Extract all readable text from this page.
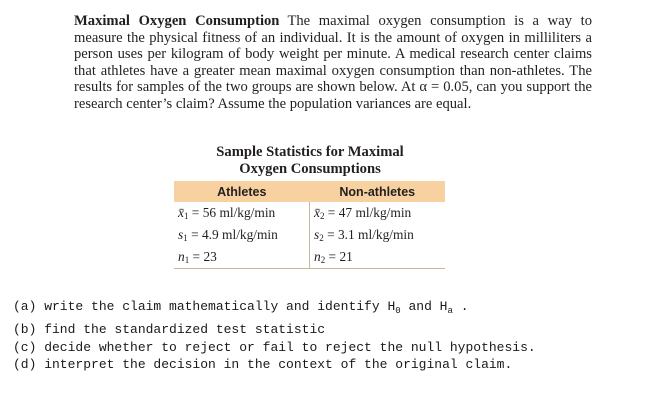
Maximal Oxygen Consumption The maximal oxygen consumption is a way to measure the physical fitness of an individual. It is the amount of oxygen in milliliters a person uses per kilogram of body weight per minute. A medical research center claims that athletes have a greater mean maximal oxygen consumption than non-athletes. The results for samples of the two groups are shown below. At α = 0.05, can you support the research center’s claim? Assume the population variances are equal.
Sample Statistics for Maximal
Oxygen Consumptions
Athletes	Non-athletes
$x̄_1 = 56$ ml/kg/min	$x̄_2 = 47$ ml/kg/min
$s_1 = 4.9$ ml/kg/min	$s_2 = 3.1$ ml/kg/min
$n_1 = 23$	$n_2 = 21$
(a) write the claim mathematically and identify $H_0$ and $H_a$ .
(b) find the standardized test statistic
(c) decide whether to reject or fail to reject the null hypothesis.
(d) interpret the decision in the context of the original claim.
